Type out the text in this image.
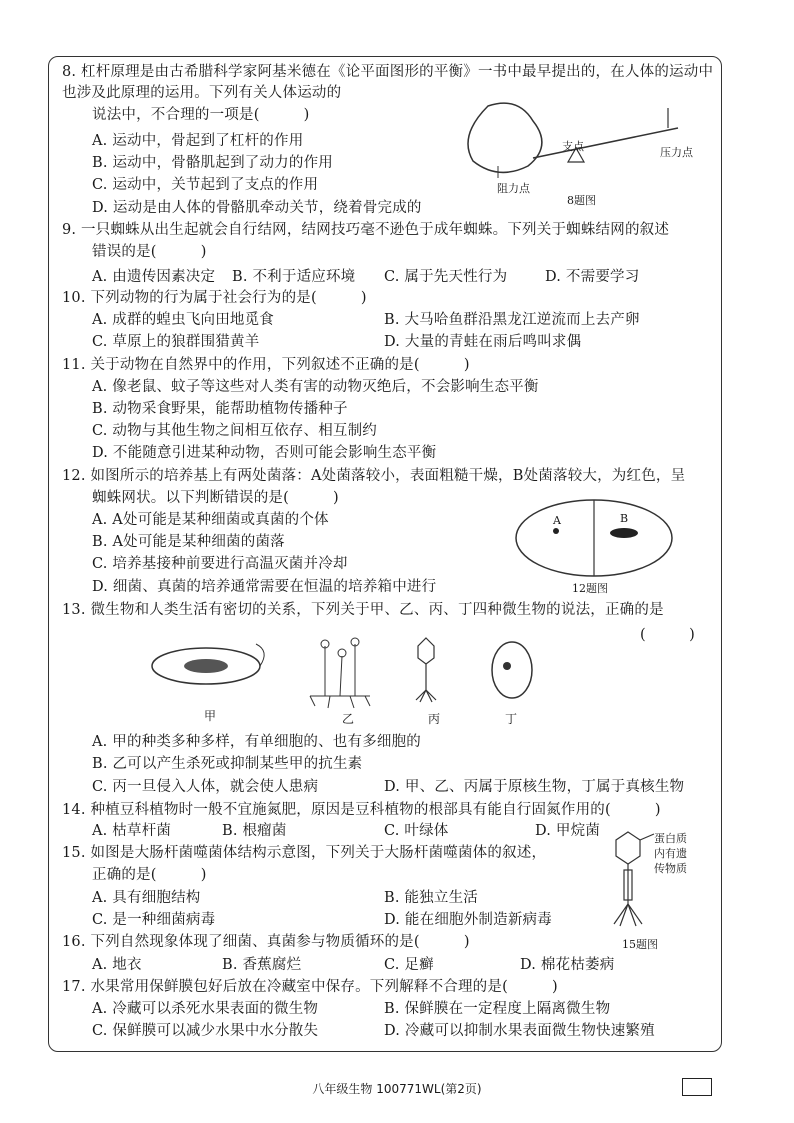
8. 杠杆原理是由古希腊科学家阿基米德在《论平面图形的平衡》一书中最早提出的，在人体的运动中也涉及此原理的运用。下列有关人体运动的
说法中，不合理的一项是(　　　)
A. 运动中，骨起到了杠杆的作用
B. 运动中，骨骼肌起到了动力的作用
C. 运动中，关节起到了支点的作用
D. 运动是由人体的骨骼肌牵动关节，绕着骨完成的
支点
阻力点
压力点
8题图
9. 一只蜘蛛从出生起就会自行结网，结网技巧毫不逊色于成年蜘蛛。下列关于蜘蛛结网的叙述
错误的是(　　　)
A. 由遗传因素决定 B. 不利于适应环境 C. 属于先天性行为	D. 不需要学习
10. 下列动物的行为属于社会行为的是(　　　)
A. 成群的蝗虫飞向田地觅食	B. 大马哈鱼群沿黑龙江逆流而上去产卵
C. 草原上的狼群围猎黄羊	D. 大量的青蛙在雨后鸣叫求偶
11. 关于动物在自然界中的作用，下列叙述不正确的是(　　　)
A. 像老鼠、蚊子等这些对人类有害的动物灭绝后，不会影响生态平衡
B. 动物采食野果，能帮助植物传播种子
C. 动物与其他生物之间相互依存、相互制约
D. 不能随意引进某种动物，否则可能会影响生态平衡
12. 如图所示的培养基上有两处菌落：A处菌落较小，表面粗糙干燥，B处菌落较大，为红色，呈
蜘蛛网状。以下判断错误的是(　　　)
A. A处可能是某种细菌或真菌的个体
B. A处可能是某种细菌的菌落
C. 培养基接种前要进行高温灭菌并冷却
D. 细菌、真菌的培养通常需要在恒温的培养箱中进行
A	B
12题图
13. 微生物和人类生活有密切的关系，下列关于甲、乙、丙、丁四种微生物的说法，正确的是
(　　　)
甲	乙	丙	丁
A. 甲的种类多种多样，有单细胞的、也有多细胞的
B. 乙可以产生杀死或抑制某些甲的抗生素
C. 丙一旦侵入人体，就会使人患病	D. 甲、乙、丙属于原核生物，丁属于真核生物
14. 种植豆科植物时一般不宜施氮肥，原因是豆科植物的根部具有能自行固氮作用的(　　　)
A. 枯草杆菌	B. 根瘤菌	C. 叶绿体	D. 甲烷菌
15. 如图是大肠杆菌噬菌体结构示意图，下列关于大肠杆菌噬菌体的叙述，
正确的是(　　　)
A. 具有细胞结构	B. 能独立生活
C. 是一种细菌病毒	D. 能在细胞外制造新病毒
蛋白质
内有遗
传物质
15题图
16. 下列自然现象体现了细菌、真菌参与物质循环的是(　　　)
A. 地衣	B. 香蕉腐烂	C. 足癣	D. 棉花枯萎病
17. 水果常用保鲜膜包好后放在冷藏室中保存。下列解释不合理的是(　　　)
A. 冷藏可以杀死水果表面的微生物	B. 保鲜膜在一定程度上隔离微生物
C. 保鲜膜可以减少水果中水分散失	D. 冷藏可以抑制水果表面微生物快速繁殖
八年级生物 100771WL(第2页)
